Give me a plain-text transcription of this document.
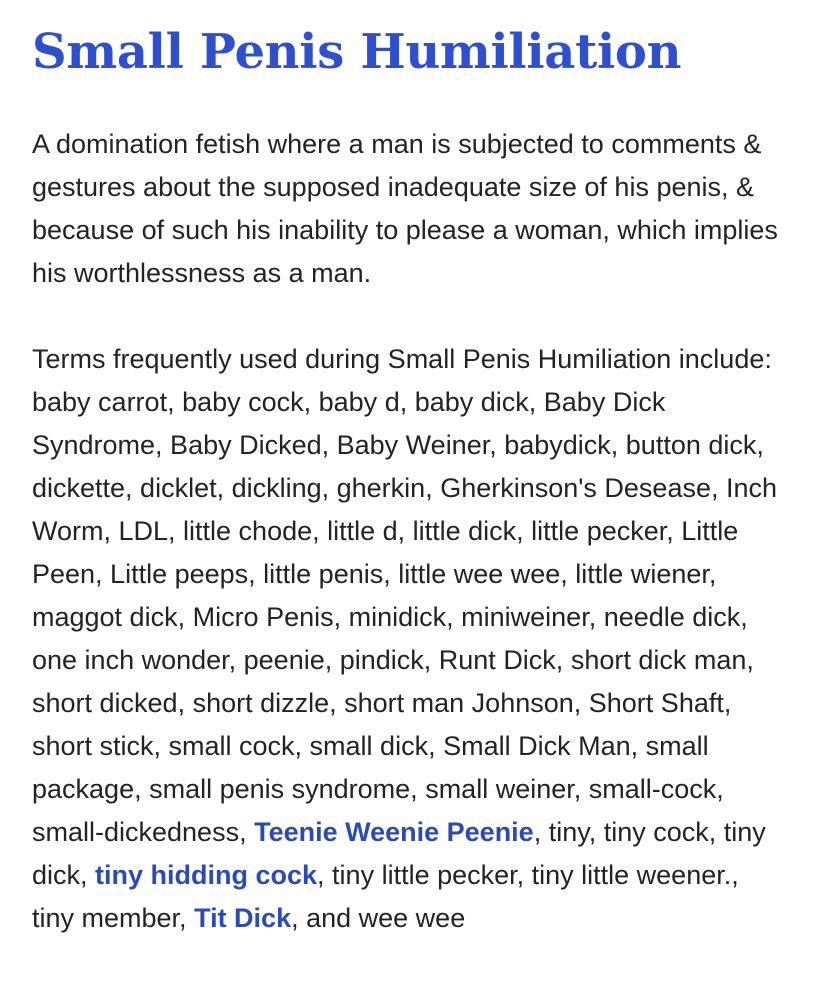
Small Penis Humiliation

A domination fetish where a man is subjected to comments & gestures about the supposed inadequate size of his penis, & because of such his inability to please a woman, which implies his worthlessness as a man.

Terms frequently used during Small Penis Humiliation include: baby carrot, baby cock, baby d, baby dick, Baby Dick Syndrome, Baby Dicked, Baby Weiner, babydick, button dick, dickette, dicklet, dickling, gherkin, Gherkinson's Desease, Inch Worm, LDL, little chode, little d, little dick, little pecker, Little Peen, Little peeps, little penis, little wee wee, little wiener, maggot dick, Micro Penis, minidick, miniweiner, needle dick, one inch wonder, peenie, pindick, Runt Dick, short dick man, short dicked, short dizzle, short man Johnson, Short Shaft, short stick, small cock, small dick, Small Dick Man, small package, small penis syndrome, small weiner, small-cock, small-dickedness, Teenie Weenie Peenie, tiny, tiny cock, tiny dick, tiny hidding cock, tiny little pecker, tiny little weener., tiny member, Tit Dick, and wee wee
